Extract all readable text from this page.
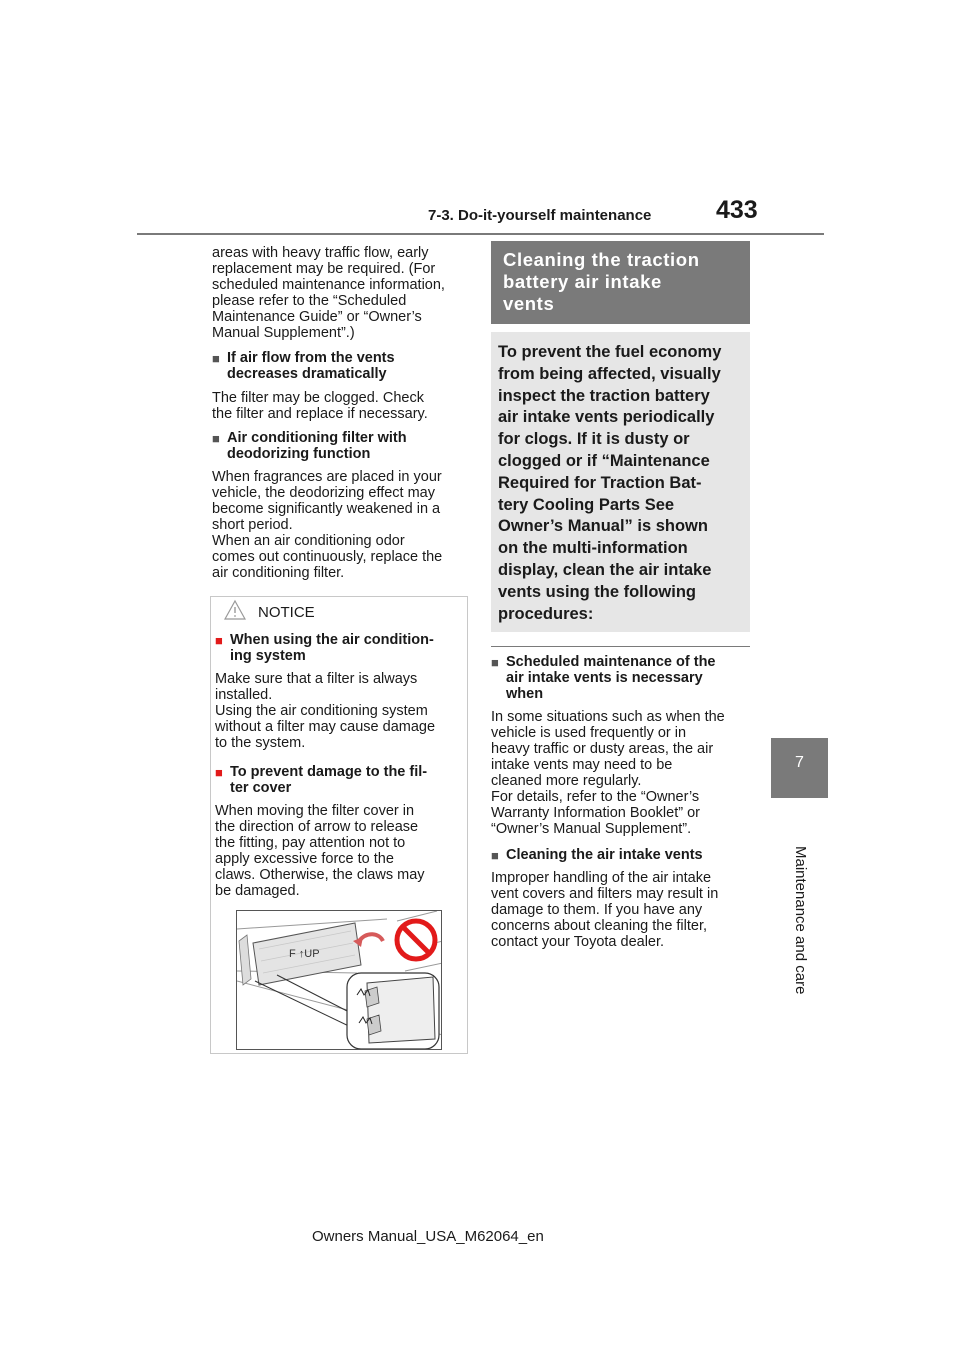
7-3. Do-it-yourself maintenance	433
7
Maintenance and care
areas with heavy traffic flow, early
replacement may be required. (For
scheduled maintenance information,
please refer to the “Scheduled
Maintenance Guide” or “Owner’s
Manual Supplement”.)
■ If air flow from the vents
decreases dramatically
The filter may be clogged. Check
the filter and replace if necessary.
■ Air conditioning filter with
deodorizing function
When fragrances are placed in your
vehicle, the deodorizing effect may
become significantly weakened in a
short period.
When an air conditioning odor
comes out continuously, replace the
air conditioning filter.
NOTICE
■ When using the air condition-
ing system
Make sure that a filter is always
installed.
Using the air conditioning system
without a filter may cause damage
to the system.
■ To prevent damage to the fil-
ter cover
When moving the filter cover in
the direction of arrow to release
the fitting, pay attention not to
apply excessive force to the
claws. Otherwise, the claws may
be damaged.
F ↑UP
Cleaning the traction
battery air intake
vents
To prevent the fuel economy
from being affected, visually
inspect the traction battery
air intake vents periodically
for clogs. If it is dusty or
clogged or if “Maintenance
Required for Traction Bat-
tery Cooling Parts See
Owner’s Manual” is shown
on the multi-information
display, clean the air intake
vents using the following
procedures:
■ Scheduled maintenance of the
air intake vents is necessary
when
In some situations such as when the
vehicle is used frequently or in
heavy traffic or dusty areas, the air
intake vents may need to be
cleaned more regularly.
For details, refer to the “Owner’s
Warranty Information Booklet” or
“Owner’s Manual Supplement”.
■ Cleaning the air intake vents
Improper handling of the air intake
vent covers and filters may result in
damage to them. If you have any
concerns about cleaning the filter,
contact your Toyota dealer.
Owners Manual_USA_M62064_en
